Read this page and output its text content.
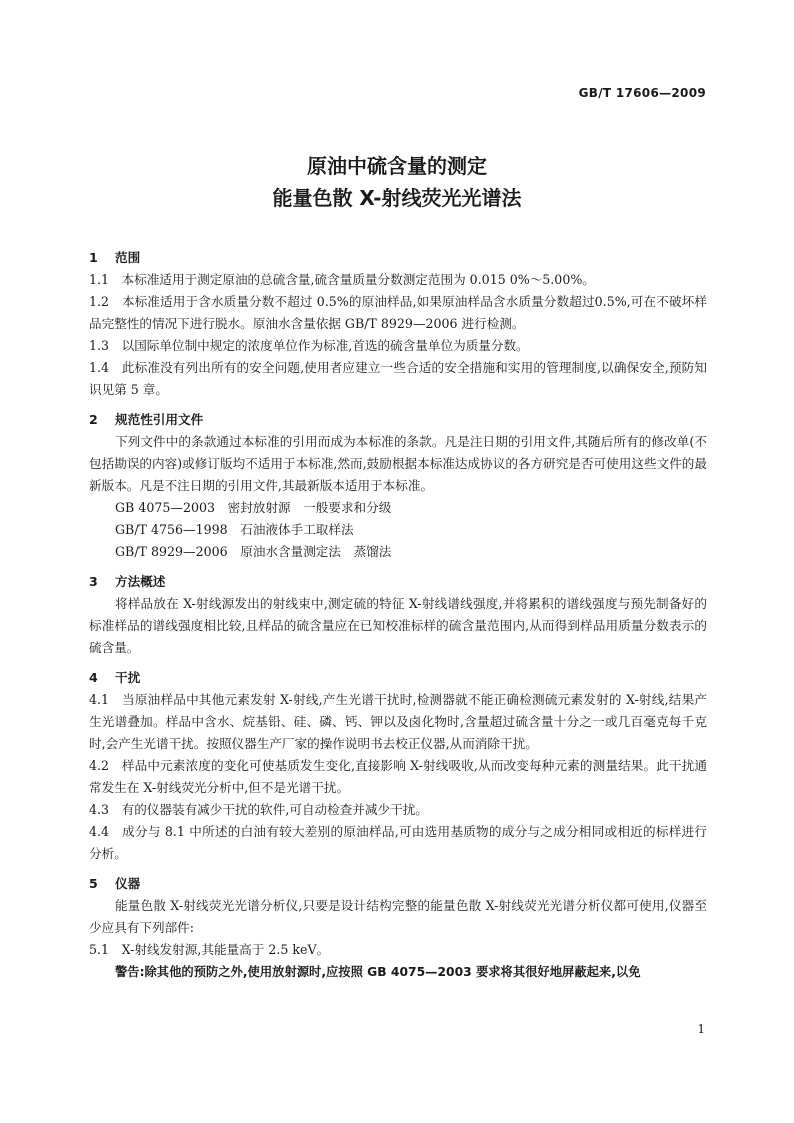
GB/T 17606—2009
原油中硫含量的测定
能量色散 X-射线荧光光谱法

1 范围

1.1　本标准适用于测定原油的总硫含量,硫含量质量分数测定范围为 0.015 0%～5.00%。

1.2　本标准适用于含水质量分数不超过 0.5%的原油样品,如果原油样品含水质量分数超过0.5%,可在不破坏样品完整性的情况下进行脱水。原油水含量依据 GB/T 8929—2006 进行检测。

1.3　以国际单位制中规定的浓度单位作为标准,首选的硫含量单位为质量分数。

1.4　此标准没有列出所有的安全问题,使用者应建立一些合适的安全措施和实用的管理制度,以确保安全,预防知识见第 5 章。

2 规范性引用文件

下列文件中的条款通过本标准的引用而成为本标准的条款。凡是注日期的引用文件,其随后所有的修改单(不包括勘误的内容)或修订版均不适用于本标准,然而,鼓励根据本标准达成协议的各方研究是否可使用这些文件的最新版本。凡是不注日期的引用文件,其最新版本适用于本标准。

GB 4075—2003　密封放射源　一般要求和分级

GB/T 4756—1998　石油液体手工取样法

GB/T 8929—2006　原油水含量测定法　蒸馏法

3 方法概述

将样品放在 X-射线源发出的射线束中,测定硫的特征 X-射线谱线强度,并将累积的谱线强度与预先制备好的标准样品的谱线强度相比较,且样品的硫含量应在已知校准标样的硫含量范围内,从而得到样品用质量分数表示的硫含量。

4 干扰

4.1　当原油样品中其他元素发射 X-射线,产生光谱干扰时,检测器就不能正确检测硫元素发射的 X-射线,结果产生光谱叠加。样品中含水、烷基铅、硅、磷、钙、钾以及卤化物时,含量超过硫含量十分之一或几百毫克每千克时,会产生光谱干扰。按照仪器生产厂家的操作说明书去校正仪器,从而消除干扰。

4.2　样品中元素浓度的变化可使基质发生变化,直接影响 X-射线吸收,从而改变每种元素的测量结果。此干扰通常发生在 X-射线荧光分析中,但不是光谱干扰。

4.3　有的仪器装有减少干扰的软件,可自动检查并减少干扰。

4.4　成分与 8.1 中所述的白油有较大差别的原油样品,可由选用基质物的成分与之成分相同或相近的标样进行分析。

5 仪器

能量色散 X-射线荧光光谱分析仪,只要是设计结构完整的能量色散 X-射线荧光光谱分析仪都可使用,仪器至少应具有下列部件:

5.1　X-射线发射源,其能量高于 2.5 keV。

警告:除其他的预防之外,使用放射源时,应按照 GB 4075—2003 要求将其很好地屏蔽起来,以免

1
